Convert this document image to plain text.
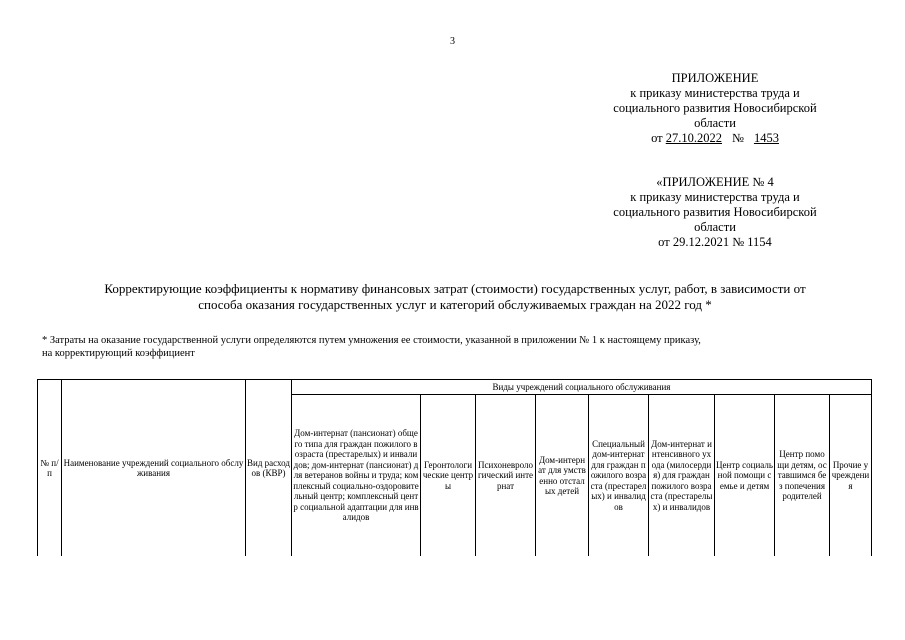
3
ПРИЛОЖЕНИЕ
к приказу министерства труда и
социального развития Новосибирской
области
от 27.10.2022 № 1453
«ПРИЛОЖЕНИЕ № 4
к приказу министерства труда и
социального развития Новосибирской
области
от 29.12.2021 № 1154
Корректирующие коэффициенты к нормативу финансовых затрат (стоимости) государственных услуг, работ, в зависимости от
способа оказания государственных услуг и категорий обслуживаемых граждан на 2022 год *
* Затраты на оказание государственной услуги определяются путем умножения ее стоимости, указанной в приложении № 1 к настоящему приказу,
на корректирующий коэффициент
№ п/п	Наименование учреждений социального обслуживания	Вид расходов (КВР)	Виды учреждений социального обслуживания								
			Дом-интернат (пансионат) общего типа для граждан пожилого возраста (престарелых) и инвалидов; дом-интернат (пансионат) для ветеранов войны и труда; комплексный социально-оздоровительный центр; комплексный центр социальной адаптации для инвалидов	Геронтологические центры	Психоневрологический интернат	Дом-интернат для умственно отсталых детей	Специальный дом-интернат для граждан пожилого возраста (престарелых) и инвалидов	Дом-интернат интенсивного ухода (милосердия) для граждан пожилого возраста (престарелых) и инвалидов	Центр социальной помощи семье и детям	Центр помощи детям, оставшимся без попечения родителей	Прочие учреждения
